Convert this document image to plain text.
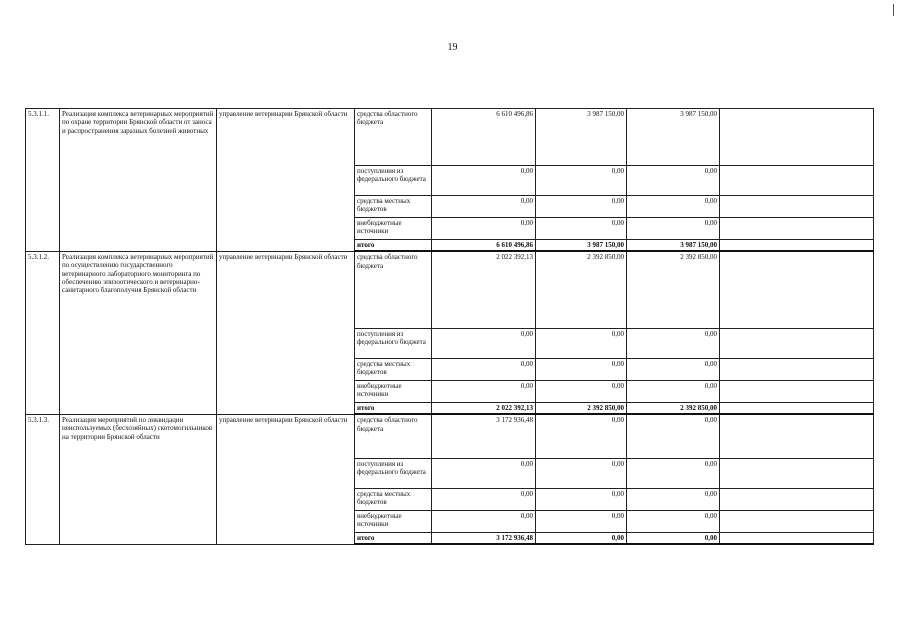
19
5.3.1.1.	Реализация комплекса ветеринарных мероприятий по охране территории Брянской области от заноса и распространения заразных болезней животных	управление ветеринарии Брянской области	средства областного бюджета	6 610 496,86	3 987 150,00	3 987 150,00	
			поступления из федерального бюджета	0,00	0,00	0,00	
			средства местных бюджетов	0,00	0,00	0,00	
			внебюджетные источники	0,00	0,00	0,00	
			итого	6 610 496,86	3 987 150,00	3 987 150,00	
5.3.1.2.	Реализация комплекса ветеринарных мероприятий по осуществлению государственного ветеринарного лабораторного мониторинга по обеспечению эпизоотического и ветеринарно-санитарного благополучия Брянской области	управление ветеринарии Брянской области	средства областного бюджета	2 022 392,13	2 392 850,00	2 392 850,00	
			поступления из федерального бюджета	0,00	0,00	0,00	
			средства местных бюджетов	0,00	0,00	0,00	
			внебюджетные источники	0,00	0,00	0,00	
			итого	2 022 392,13	2 392 850,00	2 392 850,00	
5.3.1.3.	Реализация мероприятий по ликвидации неиспользуемых (бесхозяйных) скотомогильников на территории Брянской области	управление ветеринарии Брянской области	средства областного бюджета	3 172 936,48	0,00	0,00	
			поступления из федерального бюджета	0,00	0,00	0,00	
			средства местных бюджетов	0,00	0,00	0,00	
			внебюджетные источники	0,00	0,00	0,00	
			итого	3 172 936,48	0,00	0,00	
